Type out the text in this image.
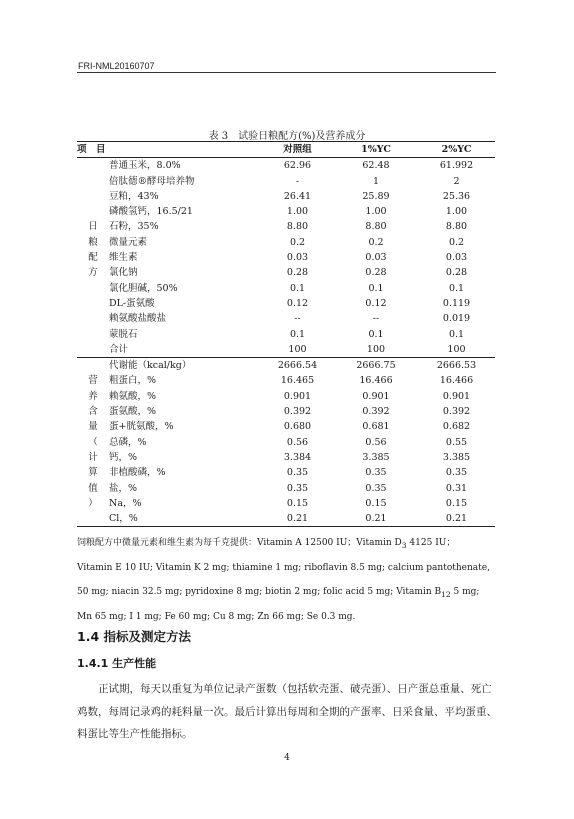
FRI-NML20160707
表 3　试验日粮配方(%)及营养成分
项　目		对照组	1%YC	2%YC
	普通玉米，8.0%	62.96	62.48	61.992
	倍肽德®酵母培养物	-	1	2
	豆粕，43%	26.41	25.89	25.36
	磷酸氢钙，16.5/21	1.00	1.00	1.00
日	石粉，35%	8.80	8.80	8.80
粮	微量元素	0.2	0.2	0.2
配	维生素	0.03	0.03	0.03
方	氯化钠	0.28	0.28	0.28
	氯化胆碱，50%	0.1	0.1	0.1
	DL-蛋氨酸	0.12	0.12	0.119
	赖氨酸盐酸盐	--	--	0.019
	蒙脱石	0.1	0.1	0.1
	合计	100	100	100
	代谢能（kcal/kg）	2666.54	2666.75	2666.53
营	粗蛋白，%	16.465	16.466	16.466
养	赖氨酸，%	0.901	0.901	0.901
含	蛋氨酸，%	0.392	0.392	0.392
量	蛋+胱氨酸，%	0.680	0.681	0.682
（	总磷，%	0.56	0.56	0.55
计	钙，%	3.384	3.385	3.385
算	非植酸磷，%	0.35	0.35	0.35
值	盐，%	0.35	0.35	0.31
）	Na，%	0.15	0.15	0.15
	Cl，%	0.21	0.21	0.21
饲粮配方中微量元素和维生素为每千克提供：Vitamin A 12500 IU；Vitamin $D_3$ 4125 IU；
Vitamin E 10 IU; Vitamin K 2 mg; thiamine 1 mg; riboflavin 8.5 mg; calcium pantothenate, 50 mg; niacin 32.5 mg; pyridoxine 8 mg; biotin 2 mg; folic acid 5 mg; Vitamin $B_{12}$ 5 mg; Mn 65 mg; I 1 mg; Fe 60 mg; Cu 8 mg; Zn 66 mg; Se 0.3 mg.
1.4 指标及测定方法
1.4.1 生产性能
正试期，每天以重复为单位记录产蛋数（包括软壳蛋、破壳蛋）、日产蛋总重量、死亡鸡数，每周记录鸡的耗料量一次。最后计算出每周和全期的产蛋率、日采食量、平均蛋重、料蛋比等生产性能指标。
4
